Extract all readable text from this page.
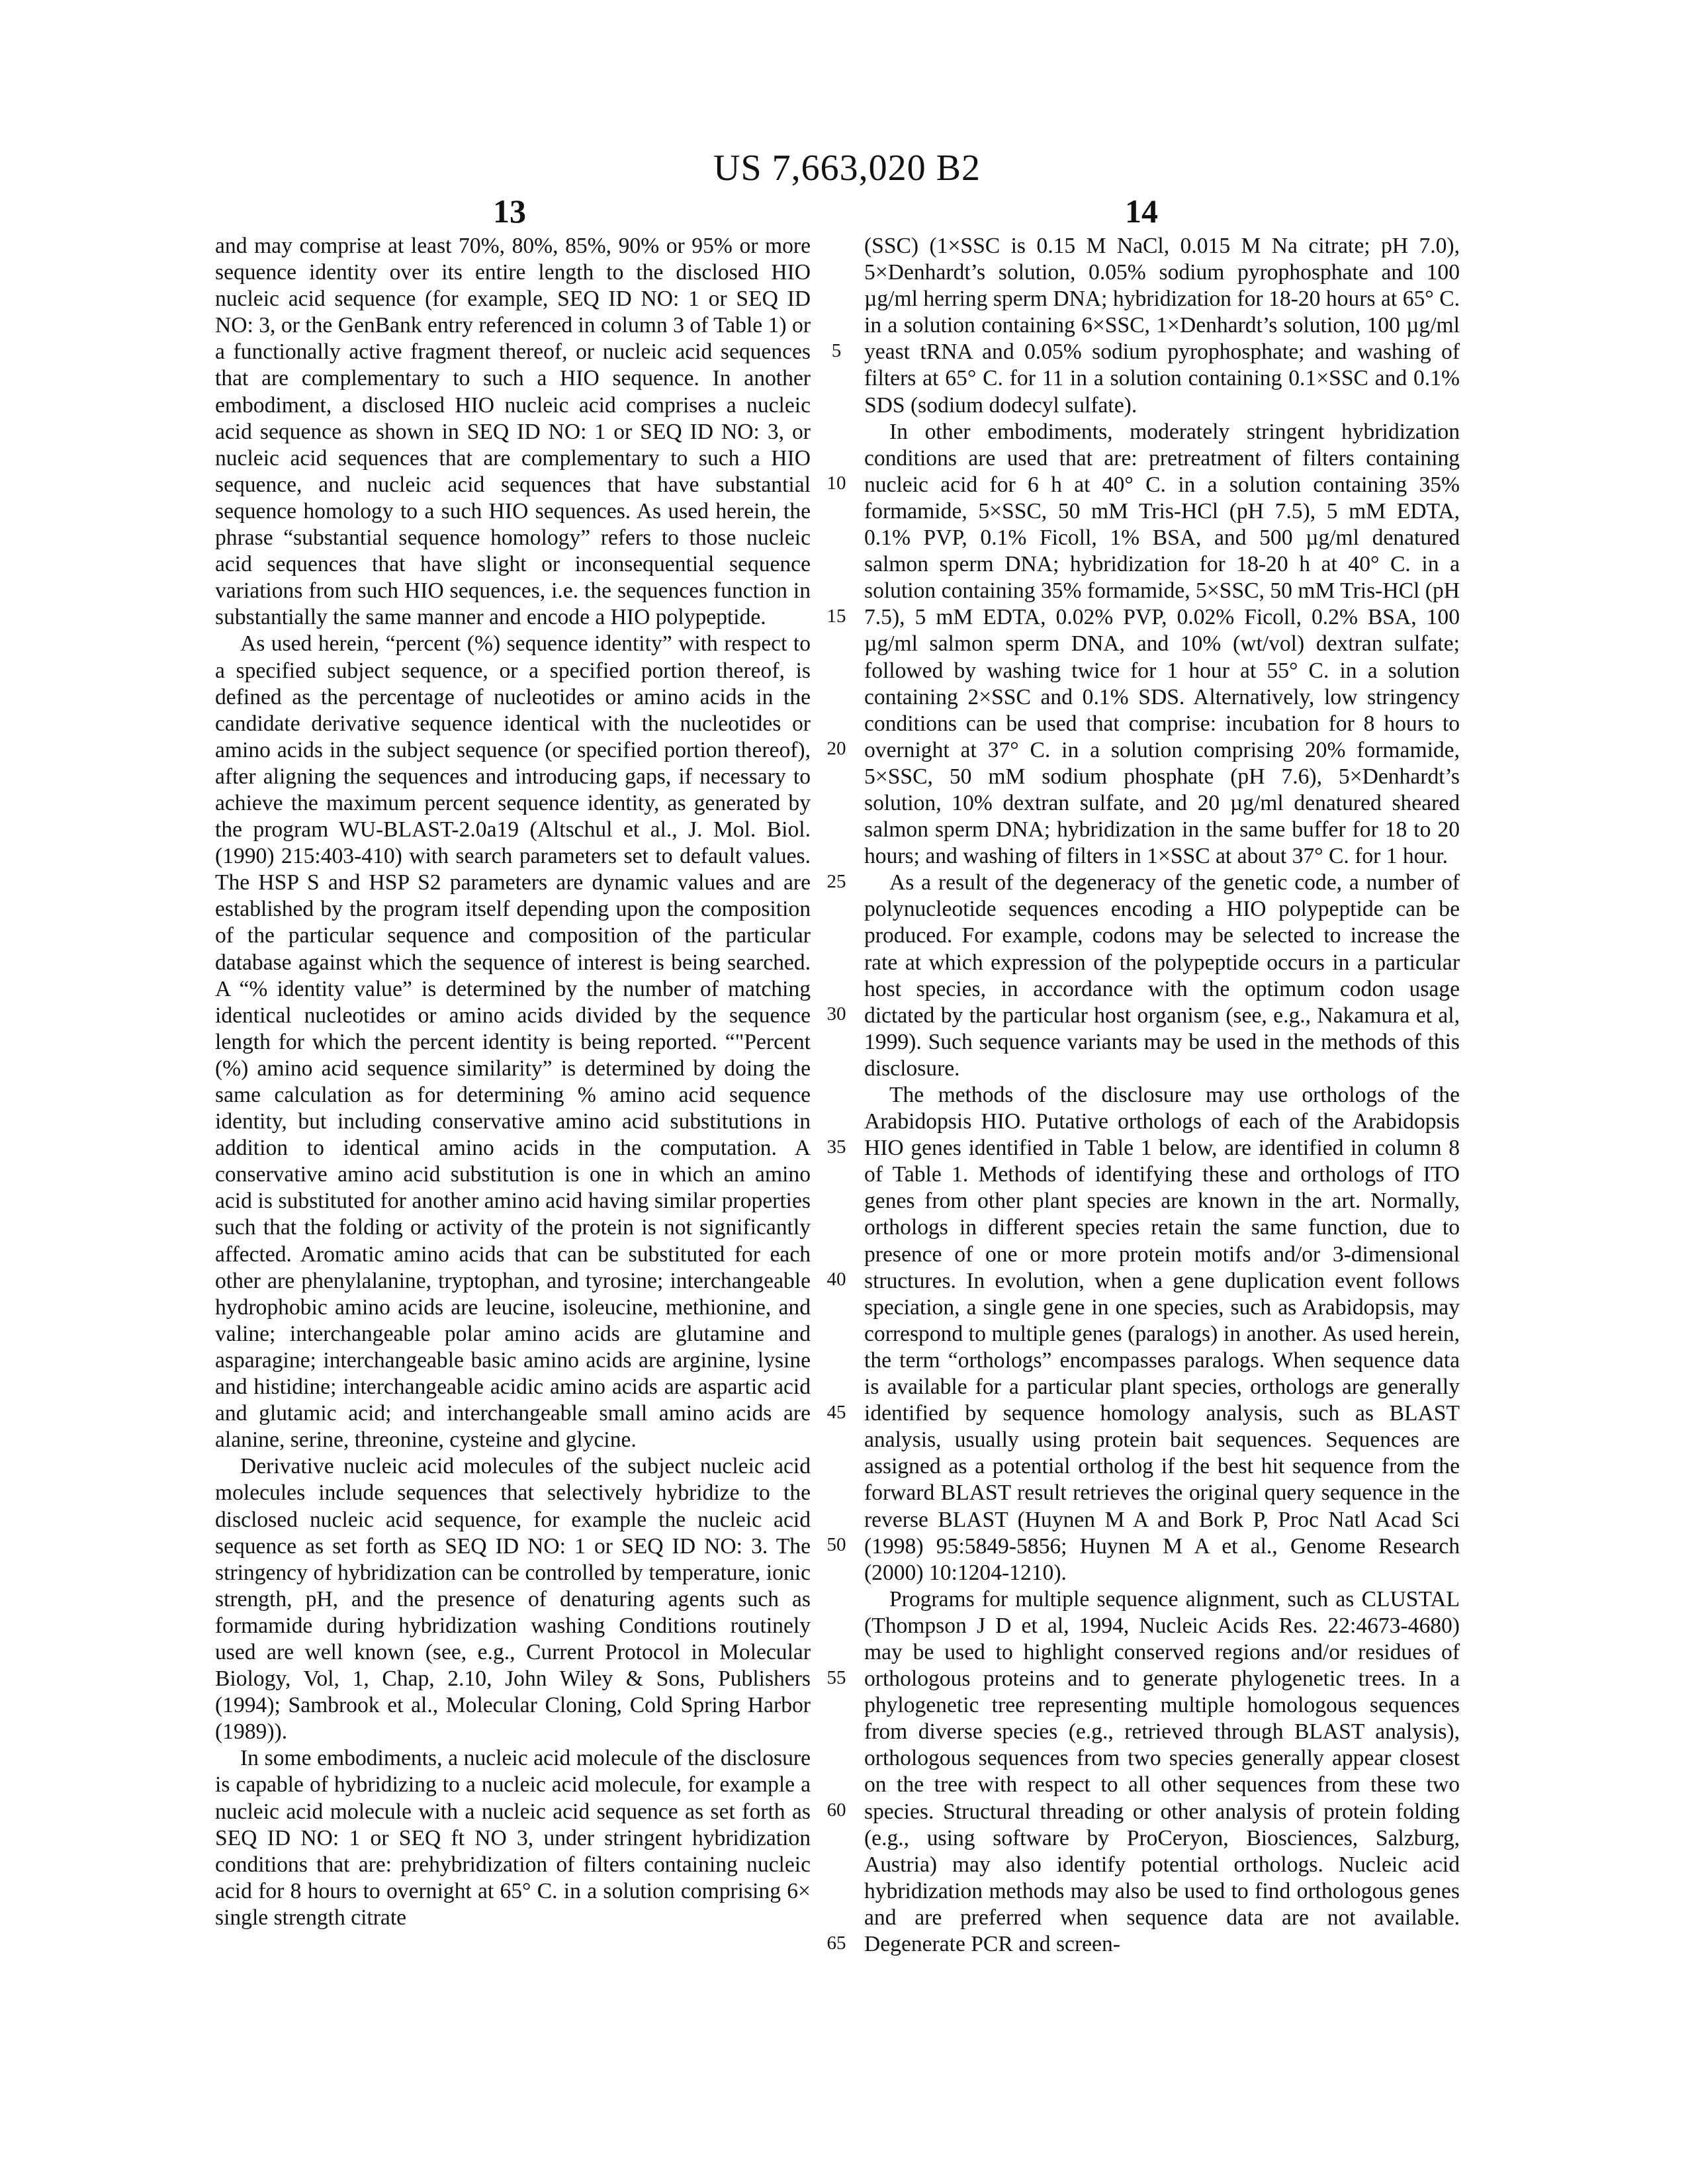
US 7,663,020 B2
13	14

and may comprise at least 70%, 80%, 85%, 90% or 95% or more sequence identity over its entire length to the disclosed HIO nucleic acid sequence (for example, SEQ ID NO: 1 or SEQ ID NO: 3, or the GenBank entry referenced in column 3 of Table 1) or a functionally active fragment thereof, or nucleic acid sequences that are complementary to such a HIO sequence. In another embodiment, a disclosed HIO nucleic acid comprises a nucleic acid sequence as shown in SEQ ID NO: 1 or SEQ ID NO: 3, or nucleic acid sequences that are complementary to such a HIO sequence, and nucleic acid sequences that have substantial sequence homology to a such HIO sequences. As used herein, the phrase “substantial sequence homology” refers to those nucleic acid sequences that have slight or inconsequential sequence variations from such HIO sequences, i.e. the sequences function in substantially the same manner and encode a HIO polypeptide.

As used herein, “percent (%) sequence identity” with respect to a specified subject sequence, or a specified portion thereof, is defined as the percentage of nucleotides or amino acids in the candidate derivative sequence identical with the nucleotides or amino acids in the subject sequence (or specified portion thereof), after aligning the sequences and introducing gaps, if necessary to achieve the maximum percent sequence identity, as generated by the program WU-BLAST-2.0a19 (Altschul et al., J. Mol. Biol. (1990) 215:403-410) with search parameters set to default values. The HSP S and HSP S2 parameters are dynamic values and are established by the program itself depending upon the composition of the particular sequence and composition of the particular database against which the sequence of interest is being searched. A “% identity value” is determined by the number of matching identical nucleotides or amino acids divided by the sequence length for which the percent identity is being reported. “"Percent (%) amino acid sequence similarity” is determined by doing the same calculation as for determining % amino acid sequence identity, but including conservative amino acid substitutions in addition to identical amino acids in the computation. A conservative amino acid substitution is one in which an amino acid is substituted for another amino acid having similar properties such that the folding or activity of the protein is not significantly affected. Aromatic amino acids that can be substituted for each other are phenylalanine, tryptophan, and tyrosine; interchangeable hydrophobic amino acids are leucine, isoleucine, methionine, and valine; interchangeable polar amino acids are glutamine and asparagine; interchangeable basic amino acids are arginine, lysine and histidine; interchangeable acidic amino acids are aspartic acid and glutamic acid; and interchangeable small amino acids are alanine, serine, threonine, cysteine and glycine.

Derivative nucleic acid molecules of the subject nucleic acid molecules include sequences that selectively hybridize to the disclosed nucleic acid sequence, for example the nucleic acid sequence as set forth as SEQ ID NO: 1 or SEQ ID NO: 3. The stringency of hybridization can be controlled by temperature, ionic strength, pH, and the presence of denaturing agents such as formamide during hybridization washing Conditions routinely used are well known (see, e.g., Current Protocol in Molecular Biology, Vol, 1, Chap, 2.10, John Wiley & Sons, Publishers (1994); Sambrook et al., Molecular Cloning, Cold Spring Harbor (1989)).

In some embodiments, a nucleic acid molecule of the disclosure is capable of hybridizing to a nucleic acid molecule, for example a nucleic acid molecule with a nucleic acid sequence as set forth as SEQ ID NO: 1 or SEQ ft NO 3, under stringent hybridization conditions that are: prehybridization of filters containing nucleic acid for 8 hours to overnight at 65° C. in a solution comprising 6× single strength citrate

5
10
15
20
25
30
35
40
45
50
55
60
65

(SSC) (1×SSC is 0.15 M NaCl, 0.015 M Na citrate; pH 7.0), 5×Denhardt’s solution, 0.05% sodium pyrophosphate and 100 µg/ml herring sperm DNA; hybridization for 18-20 hours at 65° C. in a solution containing 6×SSC, 1×Denhardt’s solution, 100 µg/ml yeast tRNA and 0.05% sodium pyrophosphate; and washing of filters at 65° C. for 11 in a solution containing 0.1×SSC and 0.1% SDS (sodium dodecyl sulfate).

In other embodiments, moderately stringent hybridization conditions are used that are: pretreatment of filters containing nucleic acid for 6 h at 40° C. in a solution containing 35% formamide, 5×SSC, 50 mM Tris-HCl (pH 7.5), 5 mM EDTA, 0.1% PVP, 0.1% Ficoll, 1% BSA, and 500 µg/ml denatured salmon sperm DNA; hybridization for 18-20 h at 40° C. in a solution containing 35% formamide, 5×SSC, 50 mM Tris-HCl (pH 7.5), 5 mM EDTA, 0.02% PVP, 0.02% Ficoll, 0.2% BSA, 100 µg/ml salmon sperm DNA, and 10% (wt/vol) dextran sulfate; followed by washing twice for 1 hour at 55° C. in a solution containing 2×SSC and 0.1% SDS. Alternatively, low stringency conditions can be used that comprise: incubation for 8 hours to overnight at 37° C. in a solution comprising 20% formamide, 5×SSC, 50 mM sodium phosphate (pH 7.6), 5×Denhardt’s solution, 10% dextran sulfate, and 20 µg/ml denatured sheared salmon sperm DNA; hybridization in the same buffer for 18 to 20 hours; and washing of filters in 1×SSC at about 37° C. for 1 hour.

As a result of the degeneracy of the genetic code, a number of polynucleotide sequences encoding a HIO polypeptide can be produced. For example, codons may be selected to increase the rate at which expression of the polypeptide occurs in a particular host species, in accordance with the optimum codon usage dictated by the particular host organism (see, e.g., Nakamura et al, 1999). Such sequence variants may be used in the methods of this disclosure.

The methods of the disclosure may use orthologs of the Arabidopsis HIO. Putative orthologs of each of the Arabidopsis HIO genes identified in Table 1 below, are identified in column 8 of Table 1. Methods of identifying these and orthologs of ITO genes from other plant species are known in the art. Normally, orthologs in different species retain the same function, due to presence of one or more protein motifs and/or 3-dimensional structures. In evolution, when a gene duplication event follows speciation, a single gene in one species, such as Arabidopsis, may correspond to multiple genes (paralogs) in another. As used herein, the term “orthologs” encompasses paralogs. When sequence data is available for a particular plant species, orthologs are generally identified by sequence homology analysis, such as BLAST analysis, usually using protein bait sequences. Sequences are assigned as a potential ortholog if the best hit sequence from the forward BLAST result retrieves the original query sequence in the reverse BLAST (Huynen M A and Bork P, Proc Natl Acad Sci (1998) 95:5849-5856; Huynen M A et al., Genome Research (2000) 10:1204-1210).

Programs for multiple sequence alignment, such as CLUSTAL (Thompson J D et al, 1994, Nucleic Acids Res. 22:4673-4680) may be used to highlight conserved regions and/or residues of orthologous proteins and to generate phylogenetic trees. In a phylogenetic tree representing multiple homologous sequences from diverse species (e.g., retrieved through BLAST analysis), orthologous sequences from two species generally appear closest on the tree with respect to all other sequences from these two species. Structural threading or other analysis of protein folding (e.g., using software by ProCeryon, Biosciences, Salzburg, Austria) may also identify potential orthologs. Nucleic acid hybridization methods may also be used to find orthologous genes and are preferred when sequence data are not available. Degenerate PCR and screen-
